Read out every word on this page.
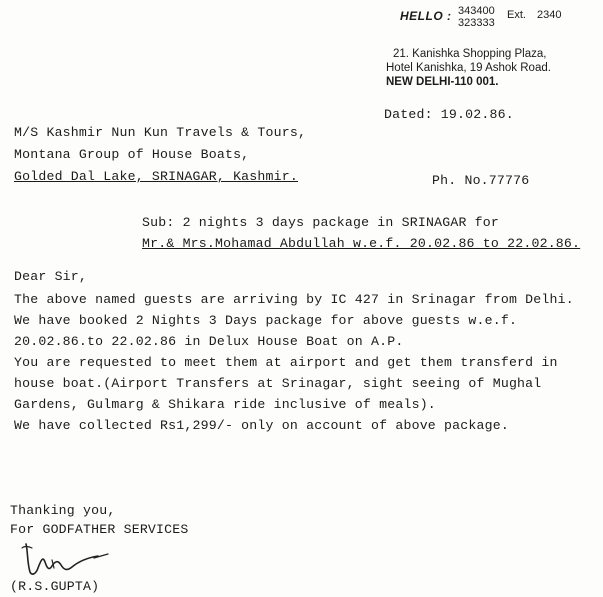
HELLO : 343400
323333
Ext. 2340
21. Kanishka Shopping Plaza,
Hotel Kanishka, 19 Ashok Road.
NEW DELHI-110 001.
Dated: 19.02.86.
M/S Kashmir Nun Kun Travels & Tours,
Montana Group of House Boats,
Golded Dal Lake, SRINAGAR, Kashmir.	Ph. No.77776
Sub: 2 nights 3 days package in SRINAGAR for
Mr.& Mrs.Mohamad Abdullah w.e.f. 20.02.86 to 22.02.86.
Dear Sir,
The above named guests are arriving by IC 427 in Srinagar from Delhi.
We have booked 2 Nights 3 Days package for above guests w.e.f.
20.02.86.to 22.02.86 in Delux House Boat on A.P.
You are requested to meet them at airport and get them transferd in
house boat.(Airport Transfers at Srinagar, sight seeing of Mughal
Gardens, Gulmarg & Shikara ride inclusive of meals).
We have collected Rs1,299/- only on account of above package.
Thanking you,
For GODFATHER SERVICES
(R.S.GUPTA)
